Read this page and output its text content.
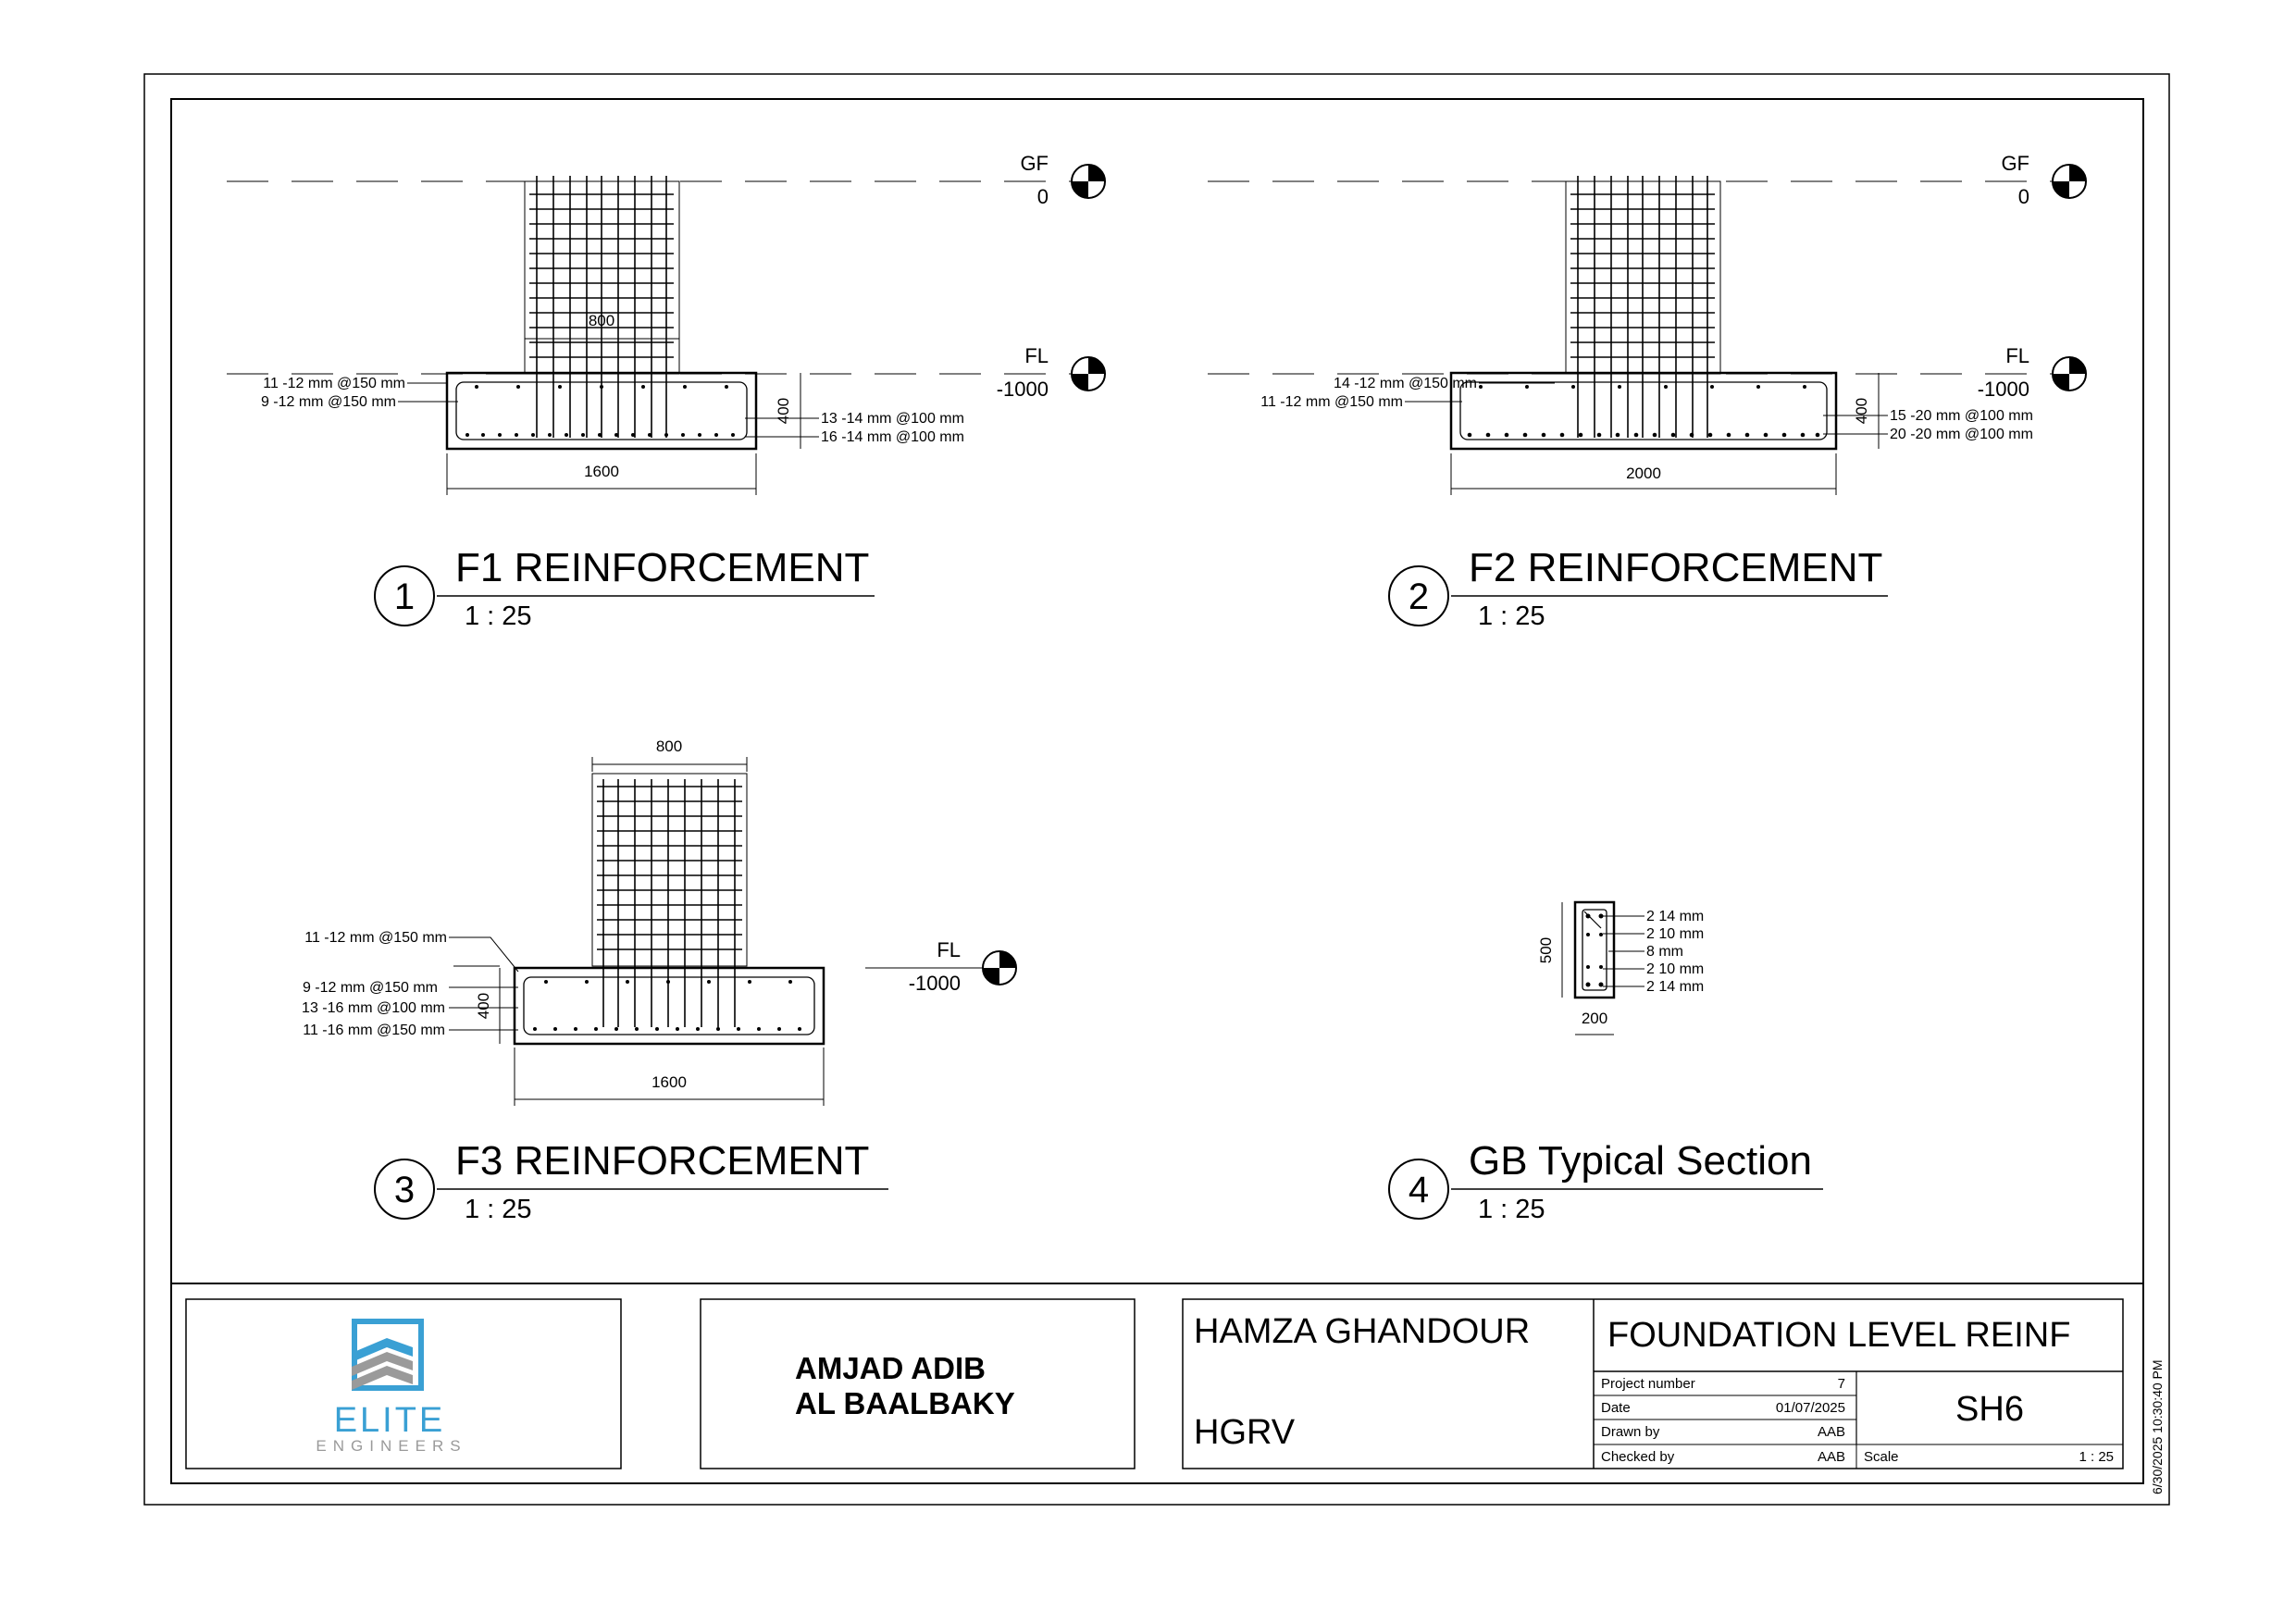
800
1600
400
11 -12 mm @150 mm
9 -12 mm @150 mm
13 -14 mm @100 mm
16 -14 mm @100 mm
GF
0
FL
-1000
1
F1 REINFORCEMENT
1 : 25
2000
400
14 -12 mm @150 mm
11 -12 mm @150 mm
15 -20 mm @100 mm
20 -20 mm @100 mm
GF
0
FL
-1000
2
F2 REINFORCEMENT
1 : 25
800
1600
400
11 -12 mm @150 mm
9 -12 mm @150 mm
13 -16 mm @100 mm
11 -16 mm @150 mm
FL
-1000
3
F3 REINFORCEMENT
1 : 25
500
200
2 14 mm
2 10 mm
8 mm
2 10 mm
2 14 mm
4
GB Typical Section
1 : 25
ELITE
ENGINEERS
AMJAD ADIB
AL BAALBAKY
HAMZA GHANDOUR
HGRV
FOUNDATION LEVEL REINF
SH6
Project number	7
Date	01/07/2025
Drawn by	AAB
Checked by	AAB Scale	1 : 25	6/30/2025 10:30:40 PM
